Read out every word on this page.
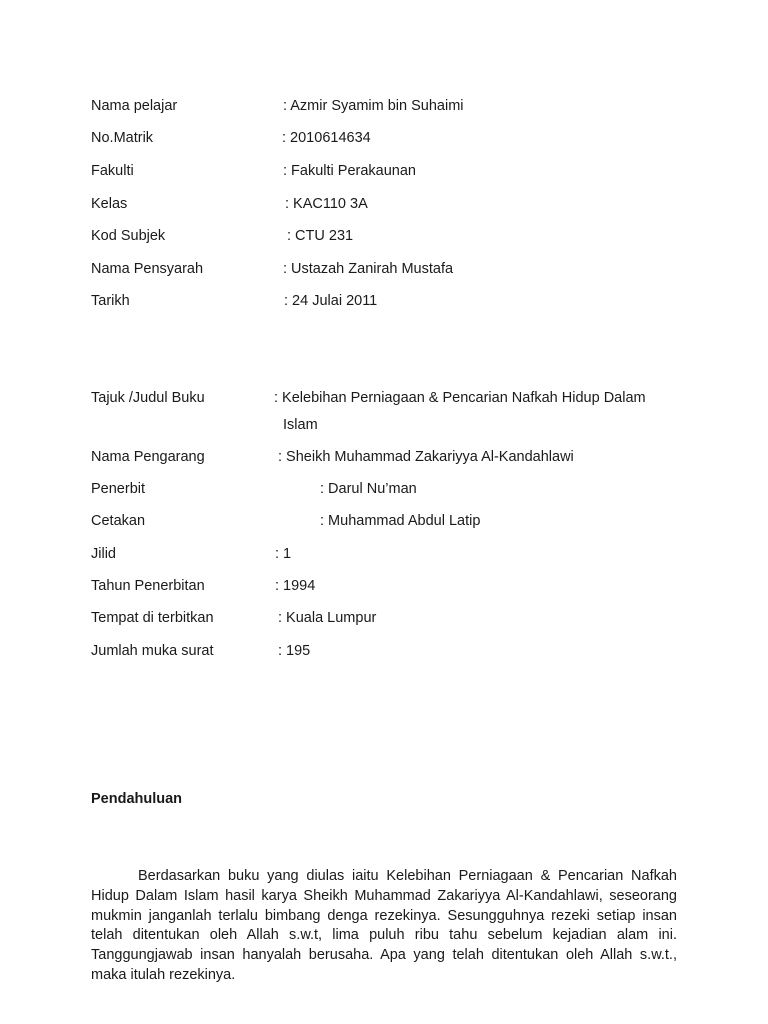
Nama pelajar	: Azmir Syamim bin Suhaimi
No.Matrik	: 2010614634
Fakulti	: Fakulti Perakaunan
Kelas	: KAC110 3A
Kod Subjek	: CTU 231
Nama Pensyarah	: Ustazah Zanirah Mustafa
Tarikh	: 24 Julai 2011
Tajuk /Judul Buku	: Kelebihan Perniagaan & Pencarian Nafkah Hidup Dalam
Islam
Nama Pengarang	: Sheikh Muhammad Zakariyya Al-Kandahlawi
Penerbit	: Darul Nu’man
Cetakan	: Muhammad Abdul Latip
Jilid	: 1
Tahun Penerbitan	: 1994
Tempat di terbitkan	: Kuala Lumpur
Jumlah muka surat	: 195
Pendahuluan
Berdasarkan buku yang diulas iaitu Kelebihan Perniagaan & Pencarian Nafkah Hidup Dalam Islam hasil karya Sheikh Muhammad Zakariyya Al-Kandahlawi, seseorang mukmin janganlah terlalu bimbang denga rezekinya. Sesungguhnya rezeki setiap insan telah ditentukan oleh Allah s.w.t, lima puluh ribu tahu sebelum kejadian alam ini. Tanggungjawab insan hanyalah berusaha. Apa yang telah ditentukan oleh Allah s.w.t., maka itulah rezekinya.
